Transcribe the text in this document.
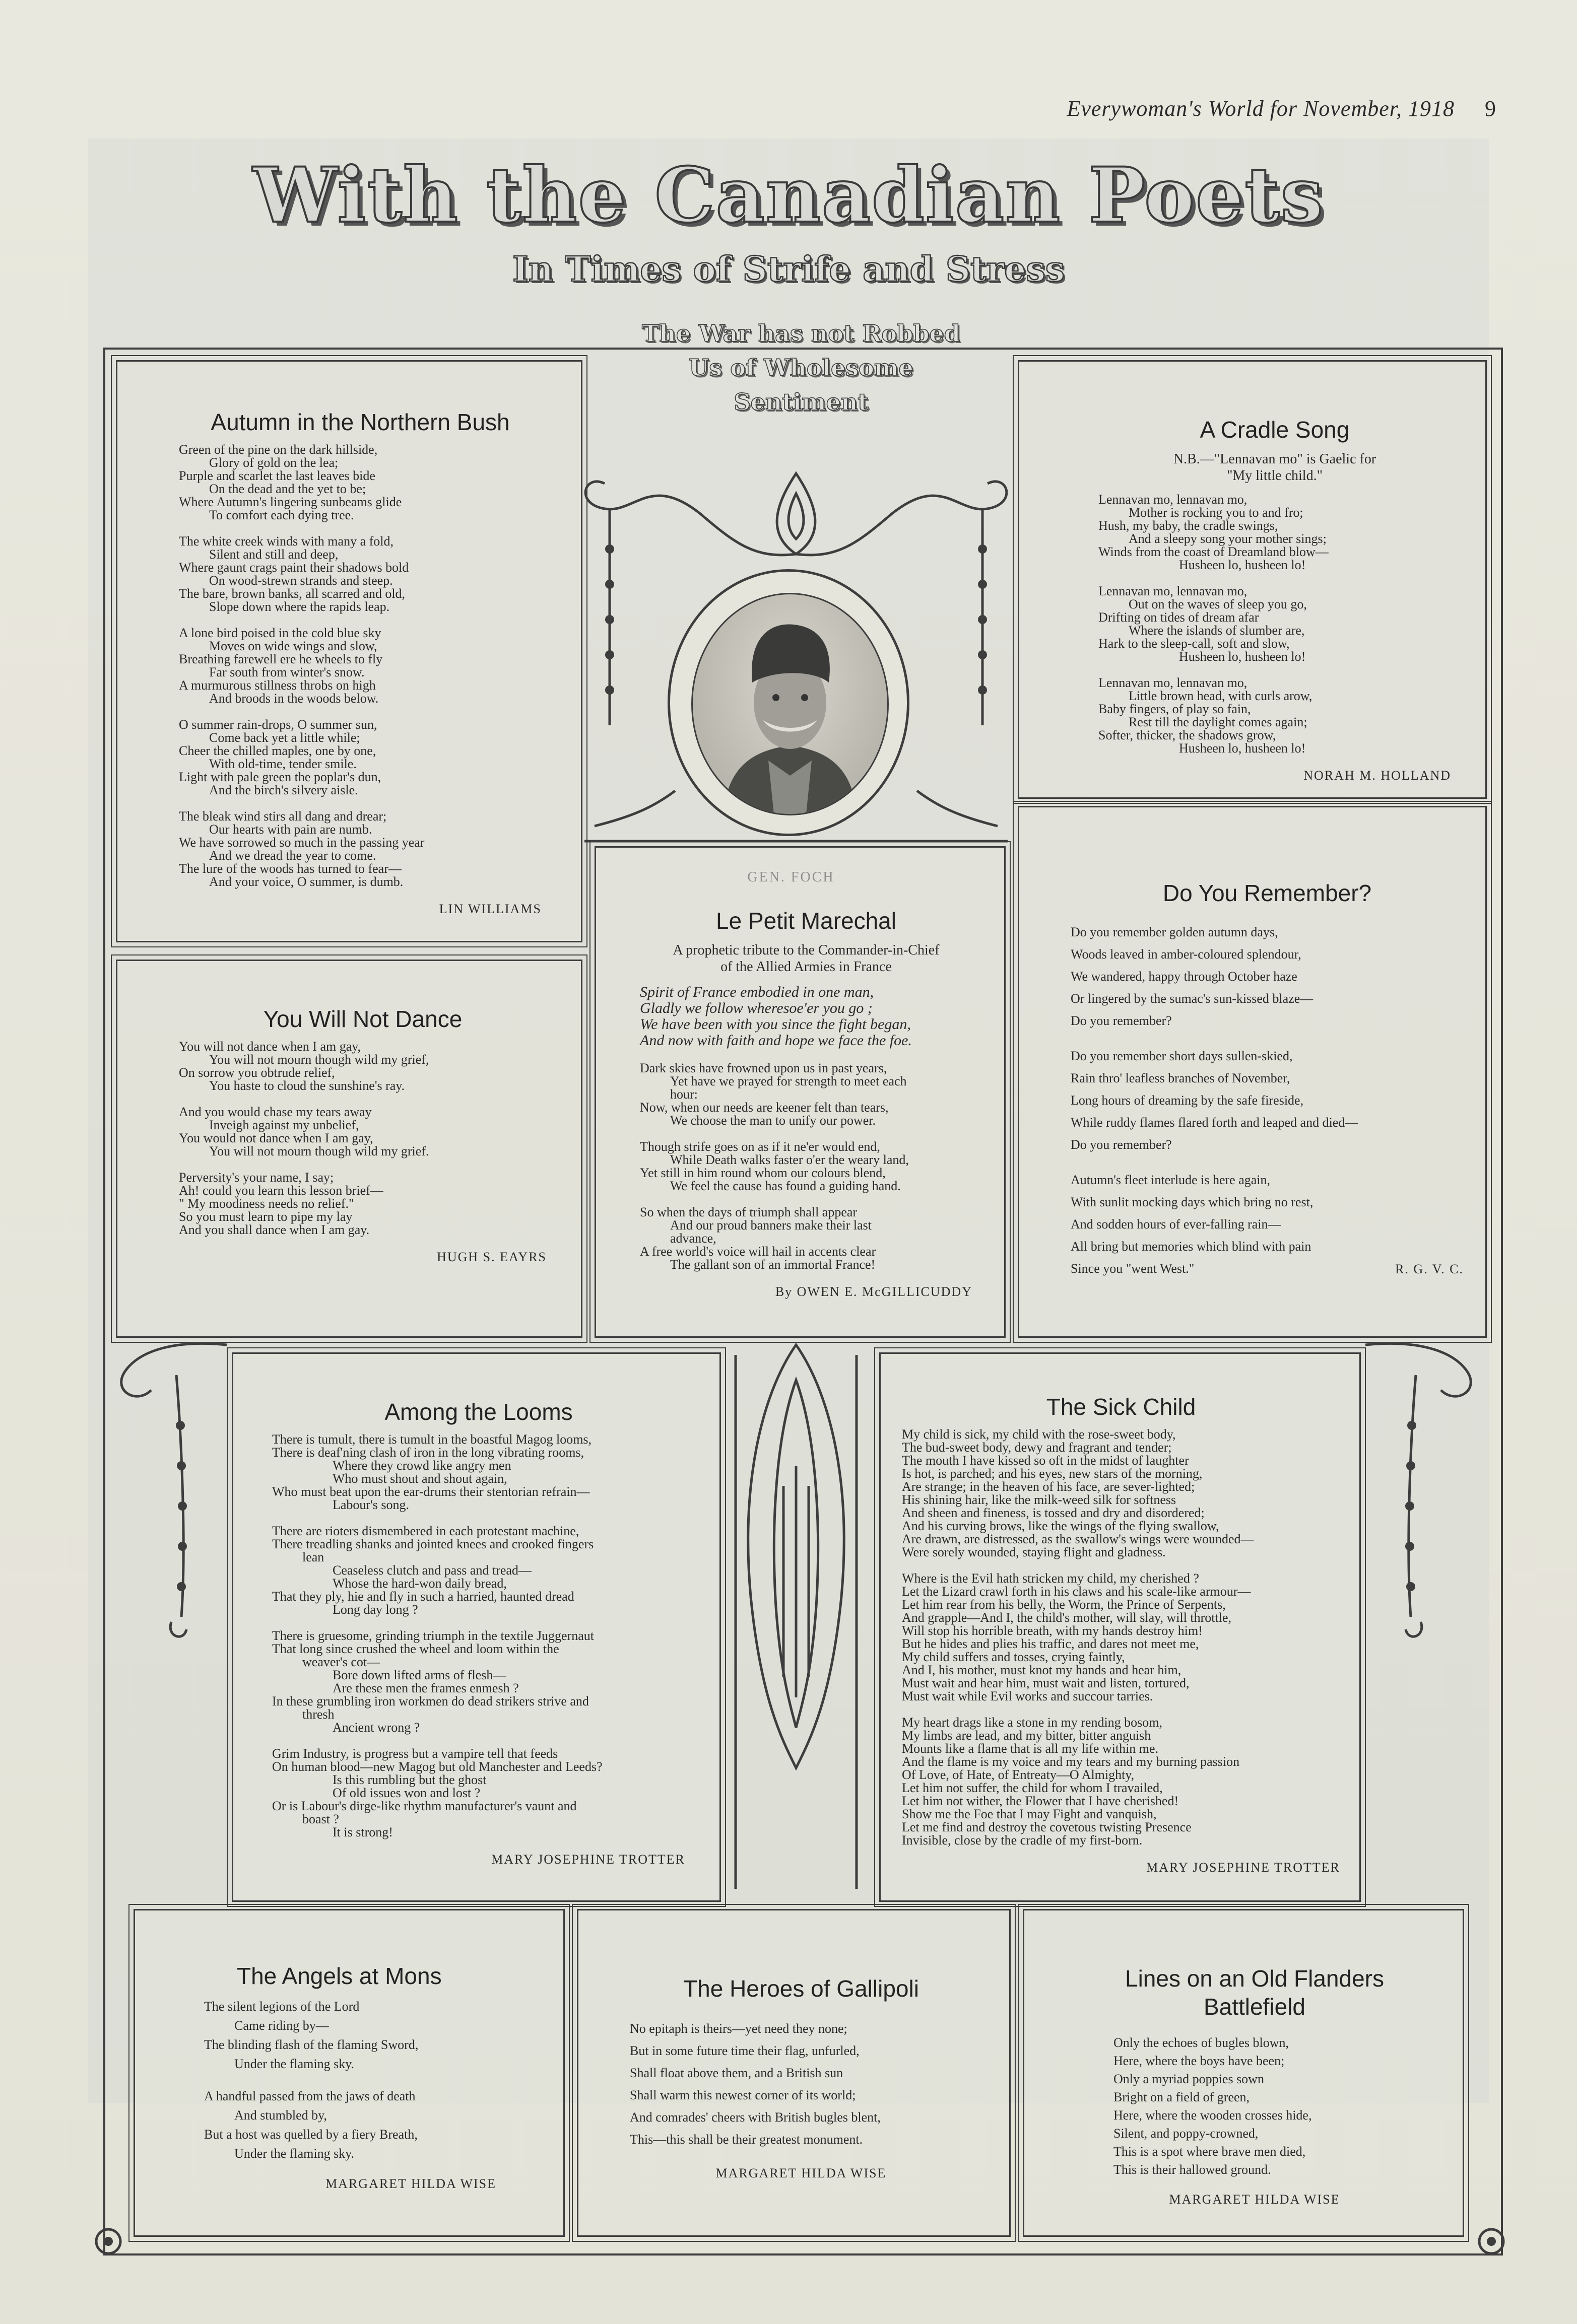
Everywoman's World for November, 1918 9
With the Canadian Poets
In Times of Strife and Stress
The War has not Robbed
Us of Wholesome
Sentiment
Autumn in the Northern Bush
Green of the pine on the dark hillside,
Glory of gold on the lea;
Purple and scarlet the last leaves bide
On the dead and the yet to be;
Where Autumn's lingering sunbeams glide
To comfort each dying tree.
The white creek winds with many a fold,
Silent and still and deep,
Where gaunt crags paint their shadows bold
On wood-strewn strands and steep.
The bare, brown banks, all scarred and old,
Slope down where the rapids leap.
A lone bird poised in the cold blue sky
Moves on wide wings and slow,
Breathing farewell ere he wheels to fly
Far south from winter's snow.
A murmurous stillness throbs on high
And broods in the woods below.
O summer rain-drops, O summer sun,
Come back yet a little while;
Cheer the chilled maples, one by one,
With old-time, tender smile.
Light with pale green the poplar's dun,
And the birch's silvery aisle.
The bleak wind stirs all dang and drear;
Our hearts with pain are numb.
We have sorrowed so much in the passing year
And we dread the year to come.
The lure of the woods has turned to fear—
And your voice, O summer, is dumb.
LIN WILLIAMS
A Cradle Song
N.B.—"Lennavan mo" is Gaelic for
"My little child."
Lennavan mo, lennavan mo,
Mother is rocking you to and fro;
Hush, my baby, the cradle swings,
And a sleepy song your mother sings;
Winds from the coast of Dreamland blow—
Husheen lo, husheen lo!
Lennavan mo, lennavan mo,
Out on the waves of sleep you go,
Drifting on tides of dream afar
Where the islands of slumber are,
Hark to the sleep-call, soft and slow,
Husheen lo, husheen lo!
Lennavan mo, lennavan mo,
Little brown head, with curls arow,
Baby fingers, of play so fain,
Rest till the daylight comes again;
Softer, thicker, the shadows grow,
Husheen lo, husheen lo!
NORAH M. HOLLAND
You Will Not Dance
You will not dance when I am gay,
You will not mourn though wild my grief,
On sorrow you obtrude relief,
You haste to cloud the sunshine's ray.
And you would chase my tears away
Inveigh against my unbelief,
You would not dance when I am gay,
You will not mourn though wild my grief.
Perversity's your name, I say;
Ah! could you learn this lesson brief—
" My moodiness needs no relief."
So you must learn to pipe my lay
And you shall dance when I am gay.
HUGH S. EAYRS
Le Petit Marechal
A prophetic tribute to the Commander-in-Chief
of the Allied Armies in France
Spirit of France embodied in one man,
Gladly we follow wheresoe'er you go ;
We have been with you since the fight began,
And now with faith and hope we face the foe.
Dark skies have frowned upon us in past years,
Yet have we prayed for strength to meet each
hour:
Now, when our needs are keener felt than tears,
We choose the man to unify our power.
Though strife goes on as if it ne'er would end,
While Death walks faster o'er the weary land,
Yet still in him round whom our colours blend,
We feel the cause has found a guiding hand.
So when the days of triumph shall appear
And our proud banners make their last
advance,
A free world's voice will hail in accents clear
The gallant son of an immortal France!
By OWEN E. McGILLICUDDY
Do You Remember?
Do you remember golden autumn days,
Woods leaved in amber-coloured splendour,
We wandered, happy through October haze
Or lingered by the sumac's sun-kissed blaze—
Do you remember?
Do you remember short days sullen-skied,
Rain thro' leafless branches of November,
Long hours of dreaming by the safe fireside,
While ruddy flames flared forth and leaped and died—
Do you remember?
Autumn's fleet interlude is here again,
With sunlit mocking days which bring no rest,
And sodden hours of ever-falling rain—
All bring but memories which blind with pain
Since you "went West."	R. G. V. C.
Among the Looms
There is tumult, there is tumult in the boastful Magog looms,
There is deaf'ning clash of iron in the long vibrating rooms,
Where they crowd like angry men
Who must shout and shout again,
Who must beat upon the ear-drums their stentorian refrain—
Labour's song.
There are rioters dismembered in each protestant machine,
There treadling shanks and jointed knees and crooked fingers
lean
Ceaseless clutch and pass and tread—
Whose the hard-won daily bread,
That they ply, hie and fly in such a harried, haunted dread
Long day long ?
There is gruesome, grinding triumph in the textile Juggernaut
That long since crushed the wheel and loom within the
weaver's cot—
Bore down lifted arms of flesh—
Are these men the frames enmesh ?
In these grumbling iron workmen do dead strikers strive and
thresh
Ancient wrong ?
Grim Industry, is progress but a vampire tell that feeds
On human blood—new Magog but old Manchester and Leeds?
Is this rumbling but the ghost
Of old issues won and lost ?
Or is Labour's dirge-like rhythm manufacturer's vaunt and
boast ?
It is strong!
MARY JOSEPHINE TROTTER
The Sick Child
My child is sick, my child with the rose-sweet body,
The bud-sweet body, dewy and fragrant and tender;
The mouth I have kissed so oft in the midst of laughter
Is hot, is parched; and his eyes, new stars of the morning,
Are strange; in the heaven of his face, are sever-lighted;
His shining hair, like the milk-weed silk for softness
And sheen and fineness, is tossed and dry and disordered;
And his curving brows, like the wings of the flying swallow,
Are drawn, are distressed, as the swallow's wings were wounded—
Were sorely wounded, staying flight and gladness.
Where is the Evil hath stricken my child, my cherished ?
Let the Lizard crawl forth in his claws and his scale-like armour—
Let him rear from his belly, the Worm, the Prince of Serpents,
And grapple—And I, the child's mother, will slay, will throttle,
Will stop his horrible breath, with my hands destroy him!
But he hides and plies his traffic, and dares not meet me,
My child suffers and tosses, crying faintly,
And I, his mother, must knot my hands and hear him,
Must wait and hear him, must wait and listen, tortured,
Must wait while Evil works and succour tarries.
My heart drags like a stone in my rending bosom,
My limbs are lead, and my bitter, bitter anguish
Mounts like a flame that is all my life within me.
And the flame is my voice and my tears and my burning passion
Of Love, of Hate, of Entreaty—O Almighty,
Let him not suffer, the child for whom I travailed,
Let him not wither, the Flower that I have cherished!
Show me the Foe that I may Fight and vanquish,
Let me find and destroy the covetous twisting Presence
Invisible, close by the cradle of my first-born.
MARY JOSEPHINE TROTTER
The Angels at Mons
The silent legions of the Lord
Came riding by—
The blinding flash of the flaming Sword,
Under the flaming sky.
A handful passed from the jaws of death
And stumbled by,
But a host was quelled by a fiery Breath,
Under the flaming sky.
MARGARET HILDA WISE
The Heroes of Gallipoli
No epitaph is theirs—yet need they none;
But in some future time their flag, unfurled,
Shall float above them, and a British sun
Shall warm this newest corner of its world;
And comrades' cheers with British bugles blent,
This—this shall be their greatest monument.
MARGARET HILDA WISE
Lines on an Old Flanders
Battlefield
Only the echoes of bugles blown,
Here, where the boys have been;
Only a myriad poppies sown
Bright on a field of green,
Here, where the wooden crosses hide,
Silent, and poppy-crowned,
This is a spot where brave men died,
This is their hallowed ground.
MARGARET HILDA WISE
